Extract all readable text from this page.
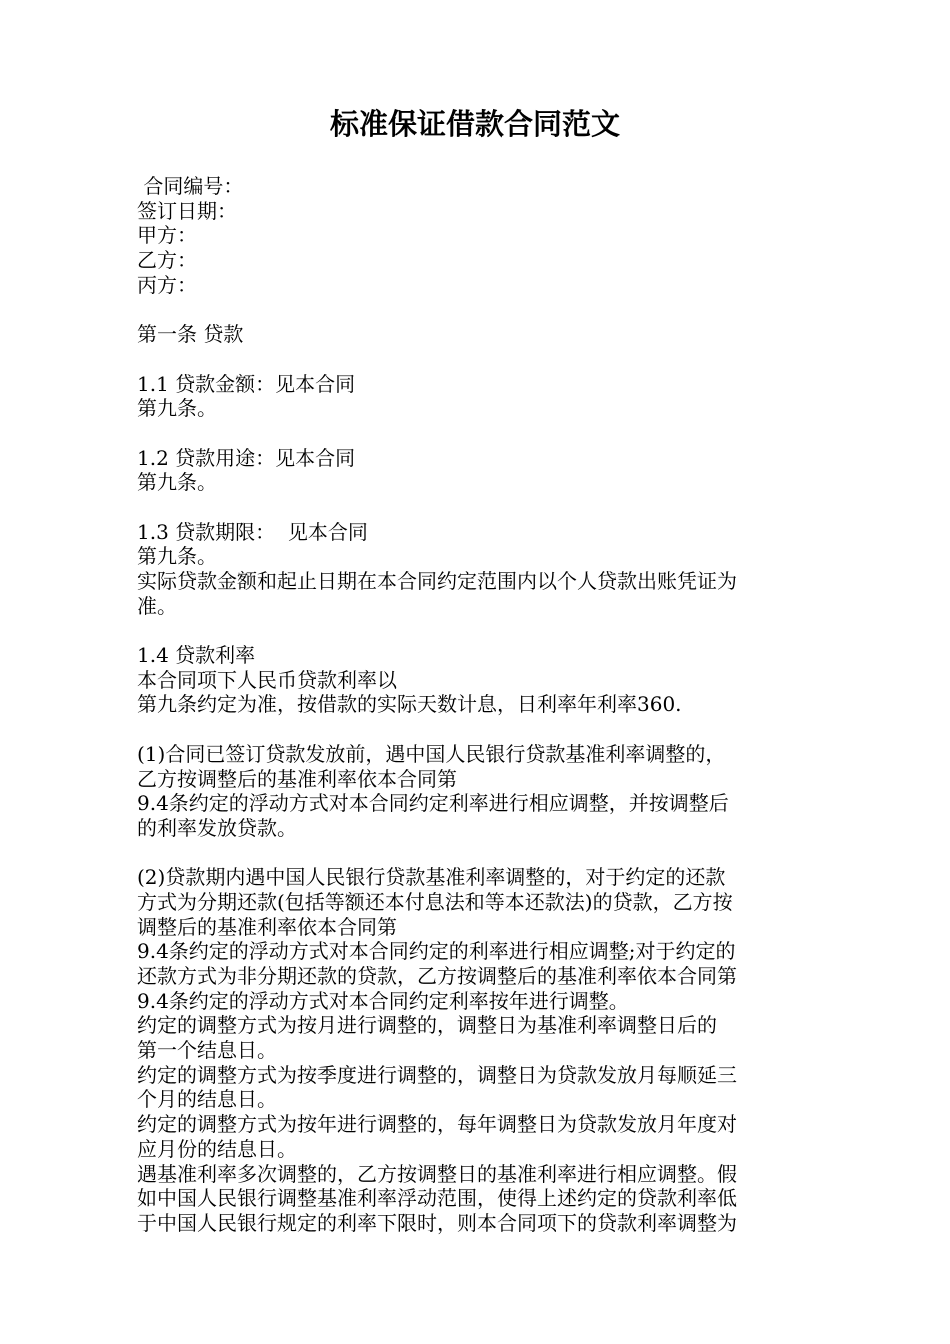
标准保证借款合同范文
合同编号：
签订日期：
甲方：
乙方：
丙方：
第一条 贷款
1.1 贷款金额：见本合同
第九条。
1.2 贷款用途：见本合同
第九条。
1.3 贷款期限：  见本合同
第九条。
实际贷款金额和起止日期在本合同约定范围内以个人贷款出账凭证为
准。
1.4 贷款利率
本合同项下人民币贷款利率以
第九条约定为准，按借款的实际天数计息，日利率年利率360.
(1)合同已签订贷款发放前，遇中国人民银行贷款基准利率调整的，
乙方按调整后的基准利率依本合同第
9.4条约定的浮动方式对本合同约定利率进行相应调整，并按调整后
的利率发放贷款。
(2)贷款期内遇中国人民银行贷款基准利率调整的，对于约定的还款
方式为分期还款(包括等额还本付息法和等本还款法)的贷款，乙方按
调整后的基准利率依本合同第
9.4条约定的浮动方式对本合同约定的利率进行相应调整;对于约定的
还款方式为非分期还款的贷款，乙方按调整后的基准利率依本合同第
9.4条约定的浮动方式对本合同约定利率按年进行调整。
约定的调整方式为按月进行调整的，调整日为基准利率调整日后的
第一个结息日。
约定的调整方式为按季度进行调整的，调整日为贷款发放月每顺延三
个月的结息日。
约定的调整方式为按年进行调整的，每年调整日为贷款发放月年度对
应月份的结息日。
遇基准利率多次调整的，乙方按调整日的基准利率进行相应调整。假
如中国人民银行调整基准利率浮动范围，使得上述约定的贷款利率低
于中国人民银行规定的利率下限时，则本合同项下的贷款利率调整为
